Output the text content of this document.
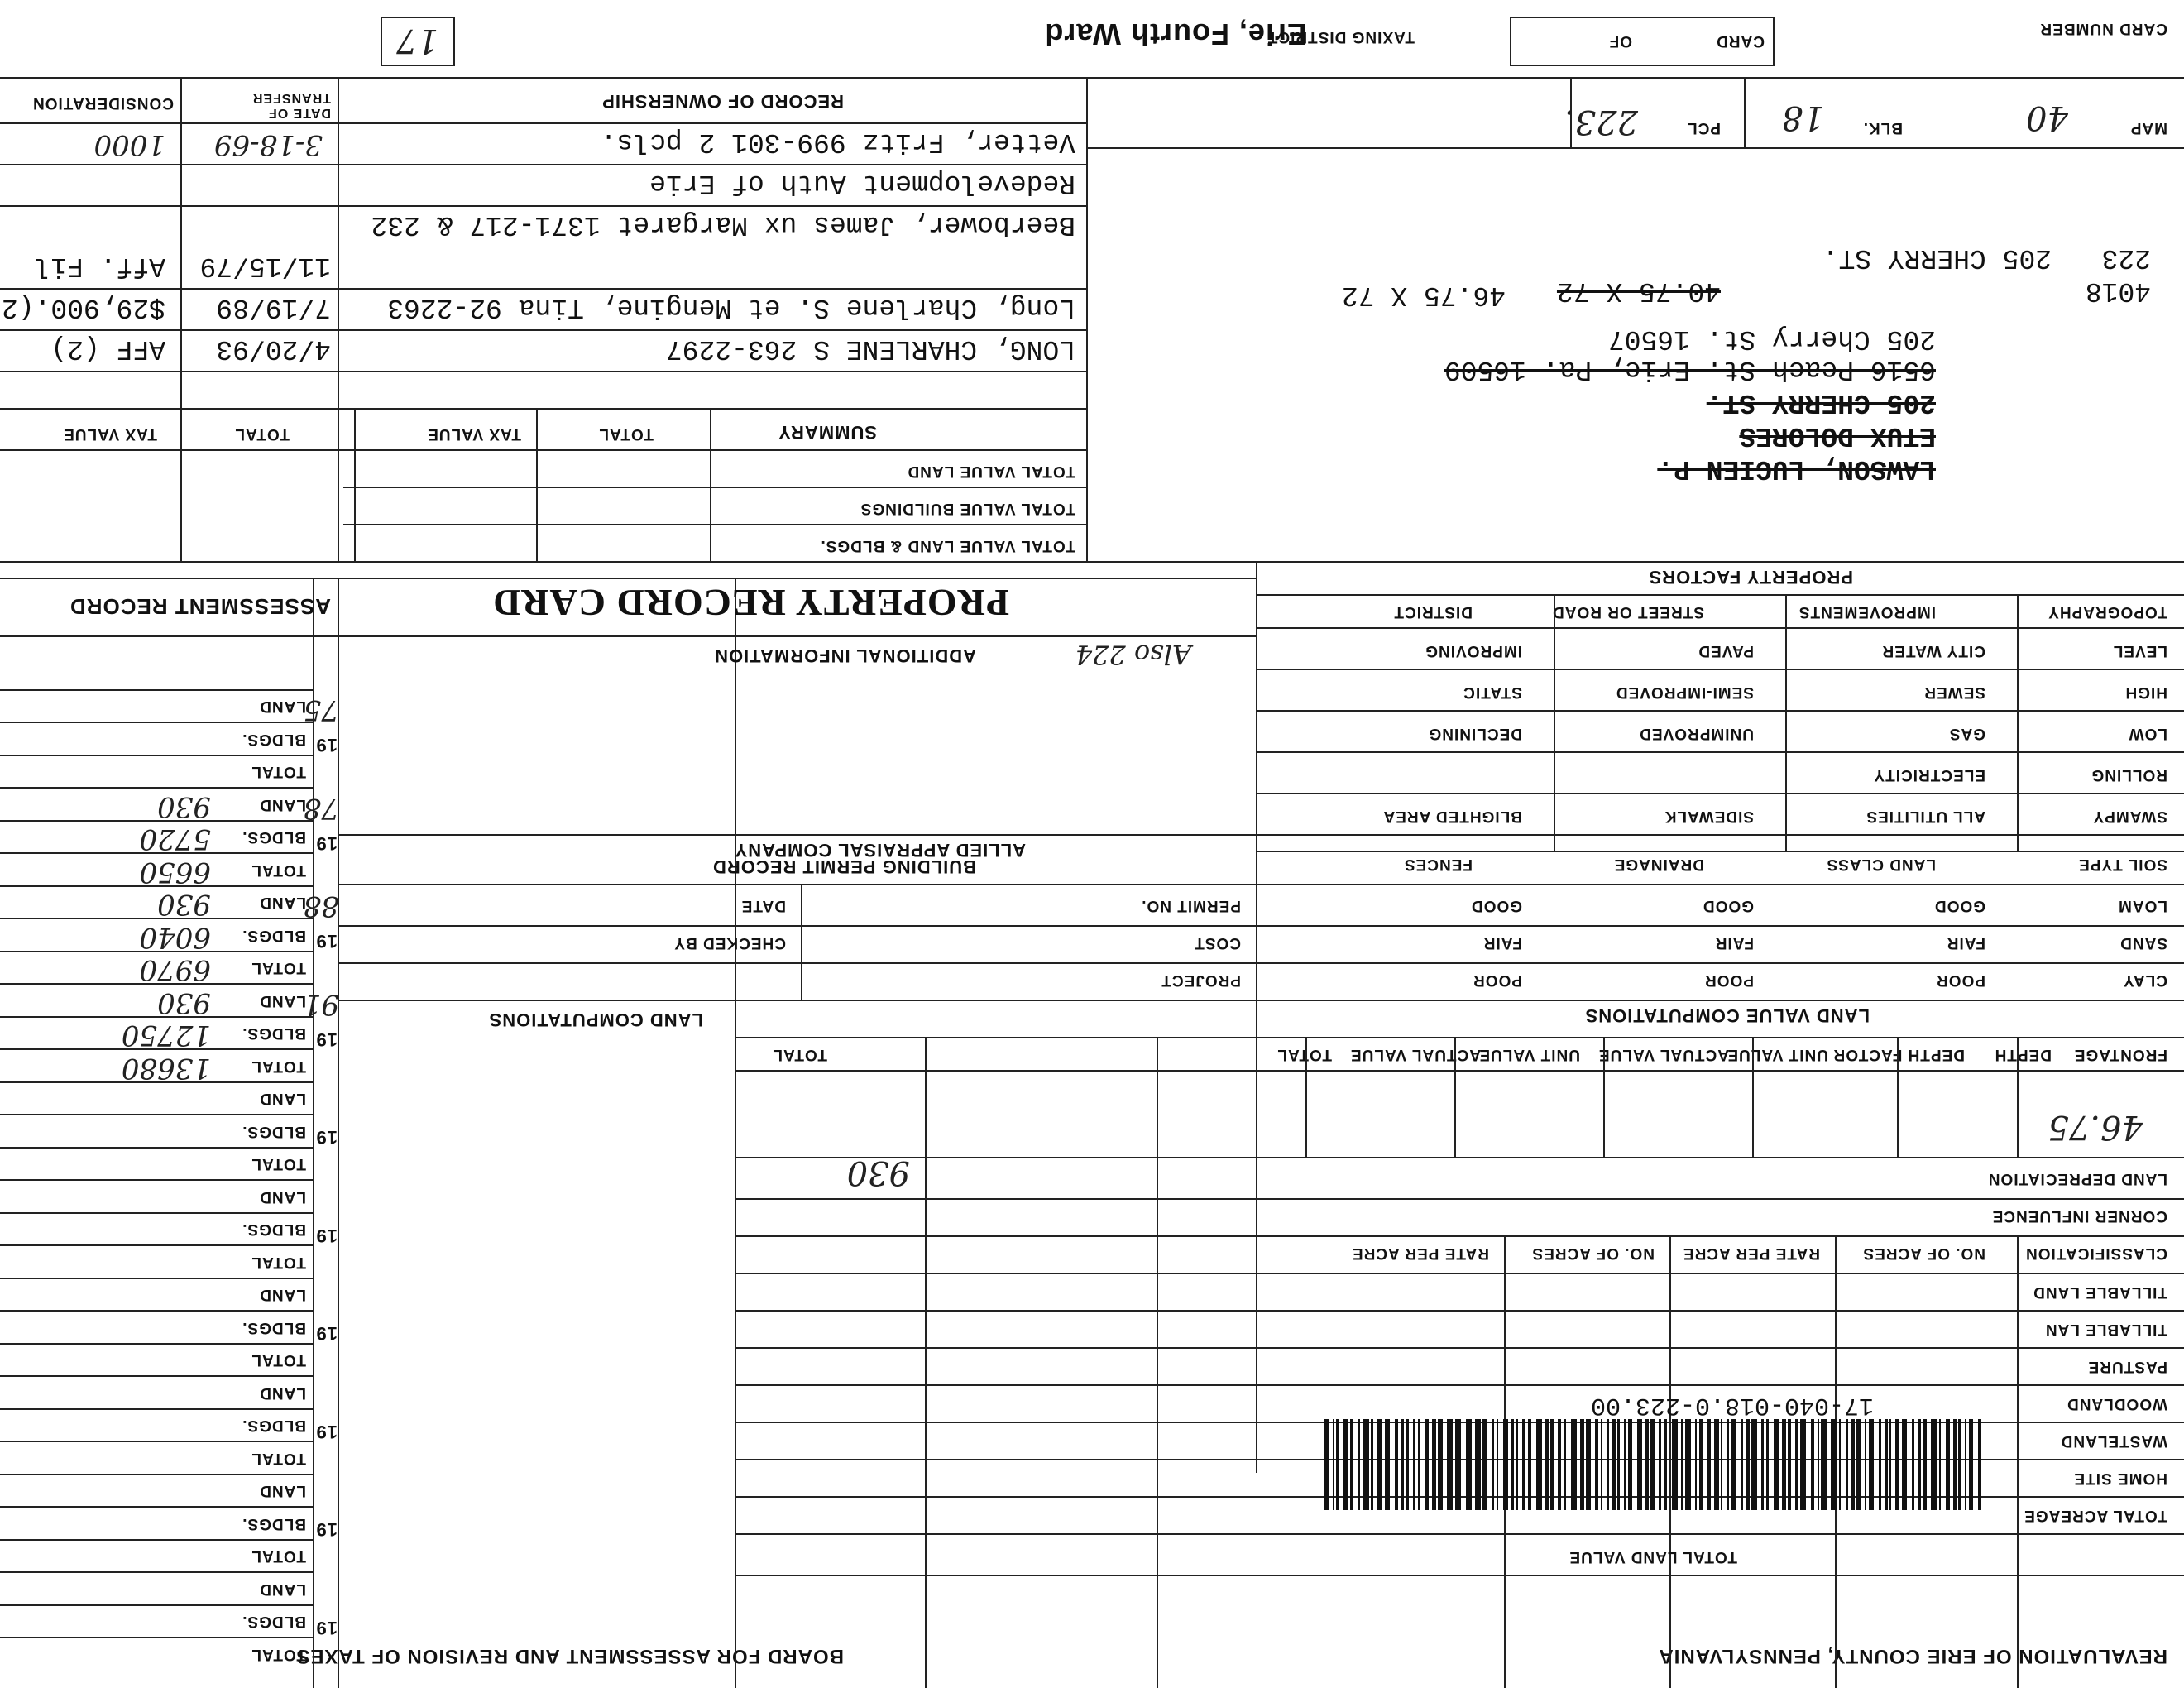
REVALUATION OF ERIE COUNTY, PENNSYLVANIA
BOARD FOR ASSESSMENT AND REVISION OF TAXES
CARD NUMBER
CARD
OF
TAXING DISTRICT
Erie, Fourth Ward
17
MAP
40
BLK.
18
PCL
223.
4018
223
205 CHERRY ST.
40.75 X 72
46.75 X 72
LAWSON, LUCIEN P.
ETUX DOLORES
205 CHERRY ST.
6516 Peach St. Erie, Pa. 16509
205 Cherry St. 16507
PROPERTY FACTORS
TOPOGRAPHY
IMPROVEMENTS
STREET OR ROAD
DISTRICT
LEVEL
HIGH
LOW
ROLLING
SWAMPY
CITY WATER
SEWER
GAS
ELECTRICITY
ALL UTILITIES
PAVED
SEMI-IMPROVED
UNIMPROVED
SIDEWALK
IMPROVING
STATIC
DECLINING
BLIGHTED AREA
SOIL TYPE
LAND CLASS
DRAINAGE
FENCES
LOAM
SAND
CLAY
GOOD
FAIR
POOR
GOOD
FAIR
POOR
GOOD
FAIR
POOR
LAND VALUE COMPUTATIONS
FRONTAGE
DEPTH
DEPTH FACTOR
UNIT VALUE
ACTUAL VALUE
UNIT VALUE
ACTUAL VALUE
TOTAL
TOTAL
46.75
LAND DEPRECIATION
930
CORNER INFLUENCE
CLASSIFICATION
NO. OF ACRES
RATE PER ACRE
NO. OF ACRES
RATE PER ACRE
TILLABLE LAND
TILLABLE LAN
PASTURE
WOODLAND
WASTELAND
HOME SITE
TOTAL ACREAGE
TOTAL LAND VALUE
17-040-018.0-223.00
PROPERTY RECORD CARD
ASSESSMENT RECORD
ADDITIONAL INFORMATION	Also 224
ALLIED APPRAISAL COMPANY
BUILDING PERMIT RECORD
PERMIT NO.
COST
PROJECT
DATE
CHECKED BY
LAND COMPUTATIONS
RECORD OF OWNERSHIP
DATE OF TRANSFER
CONSIDERATION
Vetter, Fritz 999-301 2 pcls.
3-18-69
1000
Redevelopment Auth of Erie
Beerbower, James ux Margaret 1371-217 & 232
11/15/79
Aff. Fil
Long, Charlene S. et Mengine, Tina 92-2263
7/19/89
$29,900.(2
LONG, CHARLENE S 263-2297
4/20/93
AFF (2)
SUMMARY
TOTAL
TAX VALUE
TOTAL
TAX VALUE
TOTAL VALUE LAND
TOTAL VALUE BUILDINGS
TOTAL VALUE LAND & BLDGS.
TOTAL
BLDGS.
LAND
19
TOTAL
BLDGS.
LAND
19
TOTAL
BLDGS.
LAND
19
TOTAL
BLDGS.
LAND
19
TOTAL
BLDGS.
LAND
19
TOTAL
BLDGS.
LAND
19
TOTAL
13680
BLDGS.
12750
LAND
930
19
91
TOTAL
6970
BLDGS.
6040
LAND
930
19
88
TOTAL
6650
BLDGS.
5720
LAND
930
19
78
TOTAL
BLDGS.
LAND
19
75
